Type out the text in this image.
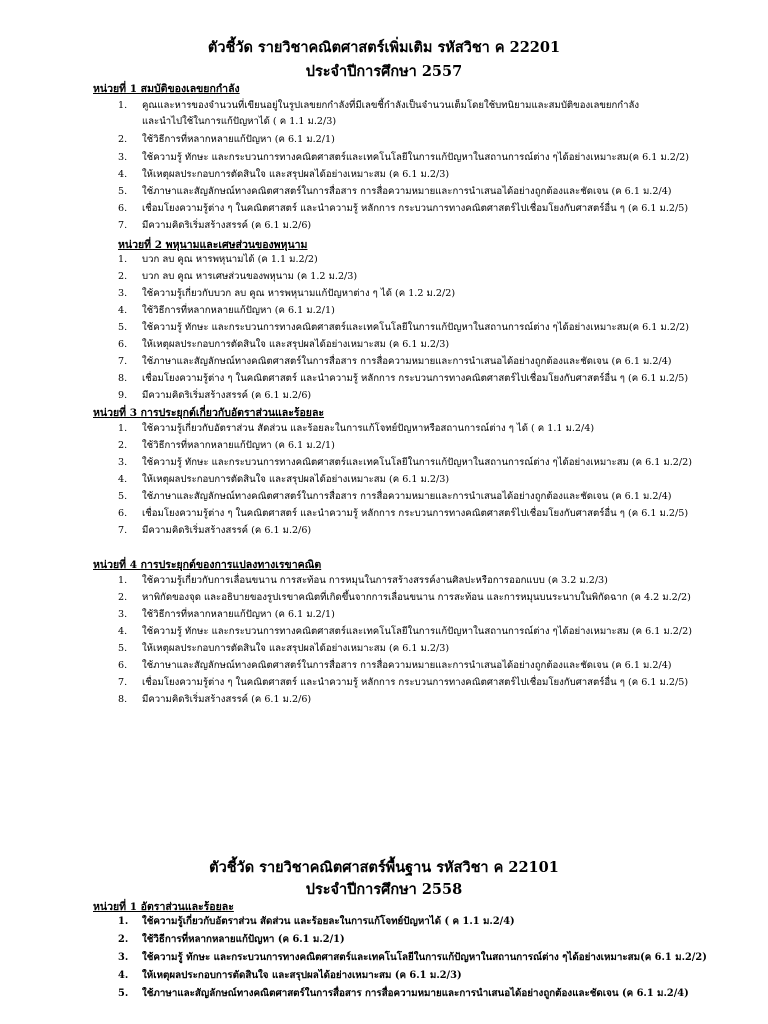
ตัวชี้วัด รายวิชาคณิตศาสตร์เพิ่มเติม รหัสวิชา ค 22201
ประจำปีการศึกษา 2557
หน่วยที่ 1 สมบัติของเลขยกกำลัง
1.	คูณและหารของจำนวนที่เขียนอยู่ในรูปเลขยกกำลังที่มีเลขชี้กำลังเป็นจำนวนเต็มโดยใช้บทนิยามและสมบัติของเลขยกกำลัง
และนำไปใช้ในการแก้ปัญหาได้ ( ค 1.1 ม.2/3)
2.	ใช้วิธีการที่หลากหลายแก้ปัญหา (ค 6.1 ม.2/1)
3.	ใช้ความรู้ ทักษะ และกระบวนการทางคณิตศาสตร์และเทคโนโลยีในการแก้ปัญหาในสถานการณ์ต่าง ๆได้อย่างเหมาะสม(ค 6.1 ม.2/2)
4.	ให้เหตุผลประกอบการตัดสินใจ และสรุปผลได้อย่างเหมาะสม (ค 6.1 ม.2/3)
5.	ใช้ภาษาและสัญลักษณ์ทางคณิตศาสตร์ในการสื่อสาร การสื่อความหมายและการนำเสนอได้อย่างถูกต้องและชัดเจน (ค 6.1 ม.2/4)
6.	เชื่อมโยงความรู้ต่าง ๆ ในคณิตศาสตร์ และนำความรู้ หลักการ กระบวนการทางคณิตศาสตร์ไปเชื่อมโยงกับศาสตร์อื่น ๆ (ค 6.1 ม.2/5)
7.	มีความคิดริเริ่มสร้างสรรค์ (ค 6.1 ม.2/6)
หน่วยที่ 2 พหุนามและเศษส่วนของพหุนาม
1.	บวก ลบ คูณ หารพหุนามได้ (ค 1.1 ม.2/2)
2.	บวก ลบ คูณ หารเศษส่วนของพหุนาม (ค 1.2 ม.2/3)
3.	ใช้ความรู้เกี่ยวกับบวก ลบ คูณ หารพหุนามแก้ปัญหาต่าง ๆ ได้ (ค 1.2 ม.2/2)
4.	ใช้วิธีการที่หลากหลายแก้ปัญหา (ค 6.1 ม.2/1)
5.	ใช้ความรู้ ทักษะ และกระบวนการทางคณิตศาสตร์และเทคโนโลยีในการแก้ปัญหาในสถานการณ์ต่าง ๆได้อย่างเหมาะสม(ค 6.1 ม.2/2)
6.	ให้เหตุผลประกอบการตัดสินใจ และสรุปผลได้อย่างเหมาะสม (ค 6.1 ม.2/3)
7.	ใช้ภาษาและสัญลักษณ์ทางคณิตศาสตร์ในการสื่อสาร การสื่อความหมายและการนำเสนอได้อย่างถูกต้องและชัดเจน (ค 6.1 ม.2/4)
8.	เชื่อมโยงความรู้ต่าง ๆ ในคณิตศาสตร์ และนำความรู้ หลักการ กระบวนการทางคณิตศาสตร์ไปเชื่อมโยงกับศาสตร์อื่น ๆ (ค 6.1 ม.2/5)
9.	มีความคิดริเริ่มสร้างสรรค์ (ค 6.1 ม.2/6)
หน่วยที่ 3 การประยุกต์เกี่ยวกับอัตราส่วนและร้อยละ
1.	ใช้ความรู้เกี่ยวกับอัตราส่วน สัดส่วน และร้อยละในการแก้โจทย์ปัญหาหรือสถานการณ์ต่าง ๆ ได้ ( ค 1.1 ม.2/4)
2.	ใช้วิธีการที่หลากหลายแก้ปัญหา (ค 6.1 ม.2/1)
3.	ใช้ความรู้ ทักษะ และกระบวนการทางคณิตศาสตร์และเทคโนโลยีในการแก้ปัญหาในสถานการณ์ต่าง ๆได้อย่างเหมาะสม (ค 6.1 ม.2/2)
4.	ให้เหตุผลประกอบการตัดสินใจ และสรุปผลได้อย่างเหมาะสม (ค 6.1 ม.2/3)
5.	ใช้ภาษาและสัญลักษณ์ทางคณิตศาสตร์ในการสื่อสาร การสื่อความหมายและการนำเสนอได้อย่างถูกต้องและชัดเจน (ค 6.1 ม.2/4)
6.	เชื่อมโยงความรู้ต่าง ๆ ในคณิตศาสตร์ และนำความรู้ หลักการ กระบวนการทางคณิตศาสตร์ไปเชื่อมโยงกับศาสตร์อื่น ๆ (ค 6.1 ม.2/5)
7.	มีความคิดริเริ่มสร้างสรรค์ (ค 6.1 ม.2/6)
หน่วยที่ 4 การประยุกต์ของการแปลงทางเรขาคณิต
1.	ใช้ความรู้เกี่ยวกับการเลื่อนขนาน การสะท้อน การหมุนในการสร้างสรรค์งานศิลปะหรือการออกแบบ (ค 3.2 ม.2/3)
2.	หาพิกัดของจุด และอธิบายของรูปเรขาคณิตที่เกิดขึ้นจากการเลื่อนขนาน การสะท้อน และการหมุนบนระนาบในพิกัดฉาก (ค 4.2 ม.2/2)
3.	ใช้วิธีการที่หลากหลายแก้ปัญหา (ค 6.1 ม.2/1)
4.	ใช้ความรู้ ทักษะ และกระบวนการทางคณิตศาสตร์และเทคโนโลยีในการแก้ปัญหาในสถานการณ์ต่าง ๆได้อย่างเหมาะสม (ค 6.1 ม.2/2)
5.	ให้เหตุผลประกอบการตัดสินใจ และสรุปผลได้อย่างเหมาะสม (ค 6.1 ม.2/3)
6.	ใช้ภาษาและสัญลักษณ์ทางคณิตศาสตร์ในการสื่อสาร การสื่อความหมายและการนำเสนอได้อย่างถูกต้องและชัดเจน (ค 6.1 ม.2/4)
7.	เชื่อมโยงความรู้ต่าง ๆ ในคณิตศาสตร์ และนำความรู้ หลักการ กระบวนการทางคณิตศาสตร์ไปเชื่อมโยงกับศาสตร์อื่น ๆ (ค 6.1 ม.2/5)
8.	มีความคิดริเริ่มสร้างสรรค์ (ค 6.1 ม.2/6)
ตัวชี้วัด รายวิชาคณิตศาสตร์พื้นฐาน รหัสวิชา ค 22101
ประจำปีการศึกษา 2558
หน่วยที่ 1 อัตราส่วนและร้อยละ
1.	ใช้ความรู้เกี่ยวกับอัตราส่วน สัดส่วน และร้อยละในการแก้โจทย์ปัญหาได้ ( ค 1.1 ม.2/4)
2.	ใช้วิธีการที่หลากหลายแก้ปัญหา (ค 6.1 ม.2/1)
3.	ใช้ความรู้ ทักษะ และกระบวนการทางคณิตศาสตร์และเทคโนโลยีในการแก้ปัญหาในสถานการณ์ต่าง ๆได้อย่างเหมาะสม(ค 6.1 ม.2/2)
4.	ให้เหตุผลประกอบการตัดสินใจ และสรุปผลได้อย่างเหมาะสม (ค 6.1 ม.2/3)
5.	ใช้ภาษาและสัญลักษณ์ทางคณิตศาสตร์ในการสื่อสาร การสื่อความหมายและการนำเสนอได้อย่างถูกต้องและชัดเจน (ค 6.1 ม.2/4)
